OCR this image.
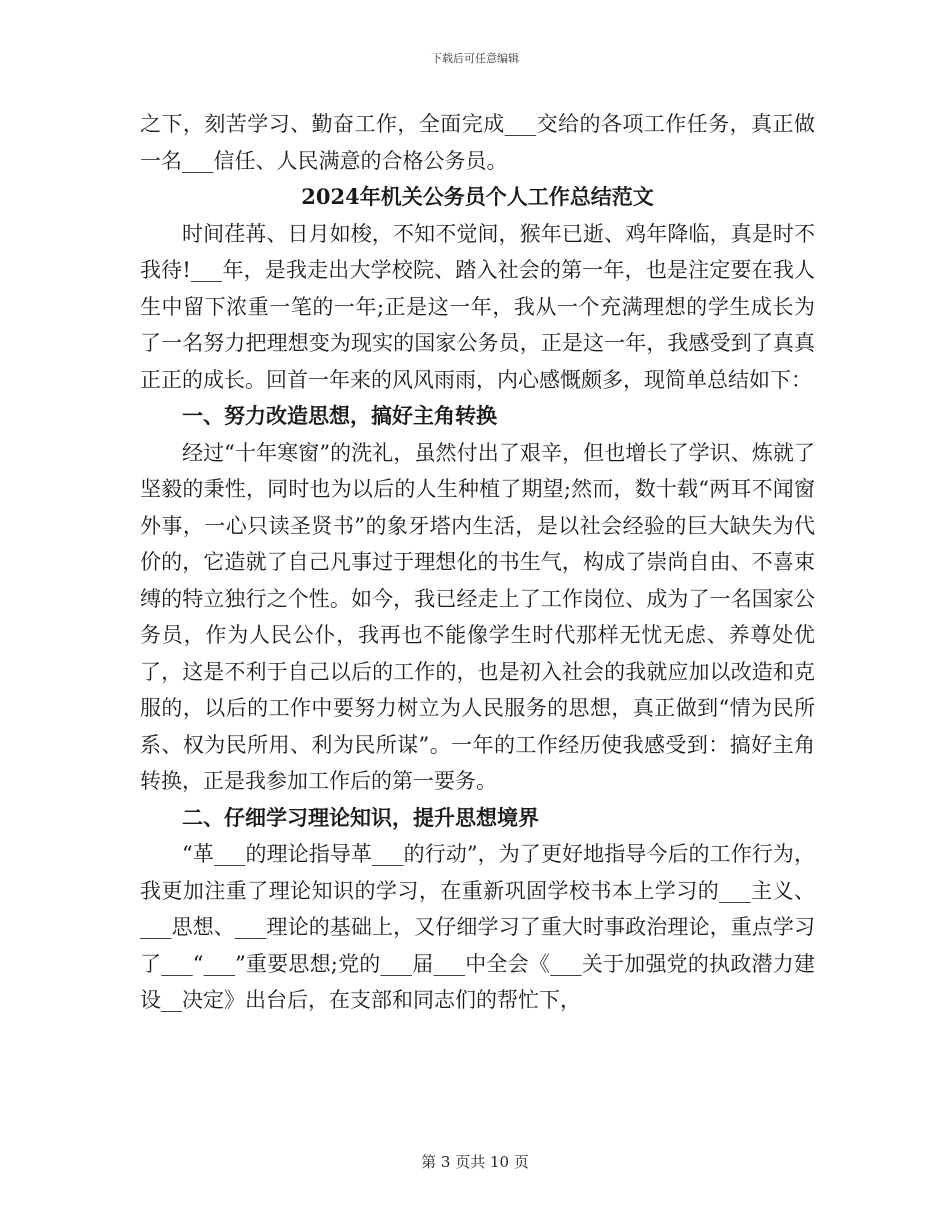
下载后可任意编辑

之下，刻苦学习、勤奋工作，全面完成___交给的各项工作任务，真正做一名___信任、人民满意的合格公务员。

2024年机关公务员个人工作总结范文

时间荏苒、日月如梭，不知不觉间，猴年已逝、鸡年降临，真是时不我待!___年，是我走出大学校院、踏入社会的第一年，也是注定要在我人生中留下浓重一笔的一年;正是这一年，我从一个充满理想的学生成长为了一名努力把理想变为现实的国家公务员，正是这一年，我感受到了真真正正的成长。回首一年来的风风雨雨，内心感慨颇多，现简单总结如下：

一、努力改造思想，搞好主角转换

经过“十年寒窗”的洗礼，虽然付出了艰辛，但也增长了学识、炼就了坚毅的秉性，同时也为以后的人生种植了期望;然而，数十载“两耳不闻窗外事，一心只读圣贤书”的象牙塔内生活，是以社会经验的巨大缺失为代价的，它造就了自己凡事过于理想化的书生气，构成了崇尚自由、不喜束缚的特立独行之个性。如今，我已经走上了工作岗位、成为了一名国家公务员，作为人民公仆，我再也不能像学生时代那样无忧无虑、养尊处优了，这是不利于自己以后的工作的，也是初入社会的我就应加以改造和克服的，以后的工作中要努力树立为人民服务的思想，真正做到“情为民所系、权为民所用、利为民所谋”。一年的工作经历使我感受到：搞好主角转换，正是我参加工作后的第一要务。

二、仔细学习理论知识，提升思想境界

“革___的理论指导革___的行动”，为了更好地指导今后的工作行为，我更加注重了理论知识的学习，在重新巩固学校书本上学习的___主义、___思想、___理论的基础上，又仔细学习了重大时事政治理论，重点学习了___“___”重要思想;党的___届___中全会《___关于加强党的执政潜力建设__决定》出台后，在支部和同志们的帮忙下，

第 3 页共 10 页
